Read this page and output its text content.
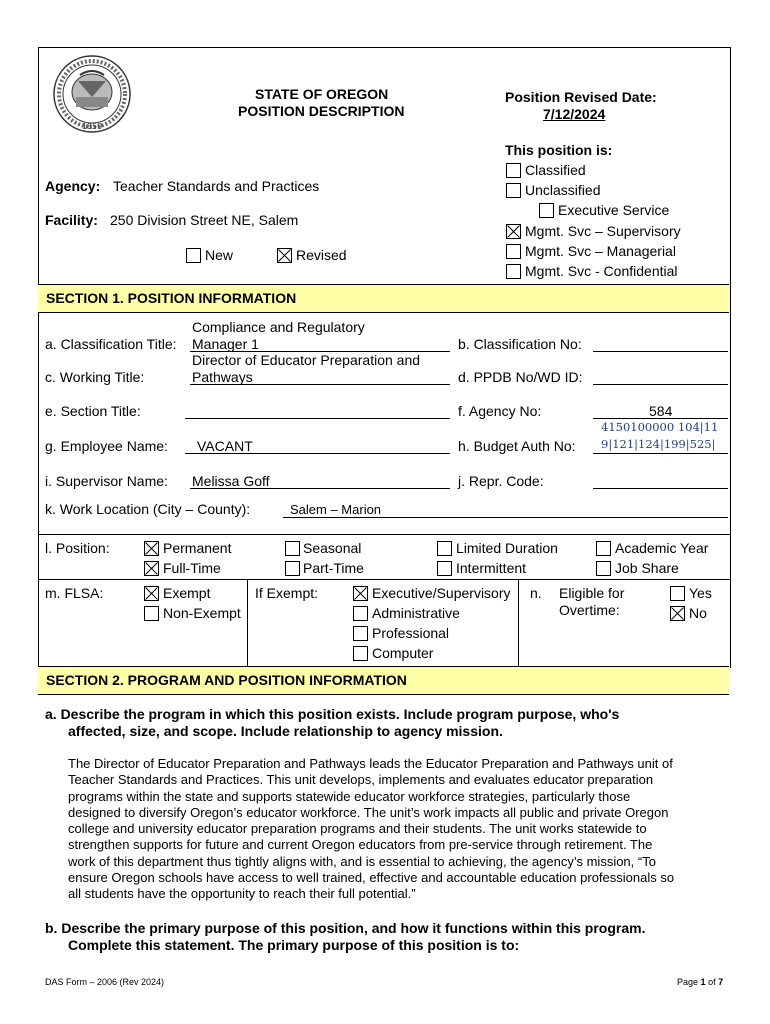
1859
STATE OF OREGON
POSITION DESCRIPTION
Position Revised Date:
7/12/2024
This position is:
Classified
Unclassified
Executive Service
Mgmt. Svc – Supervisory
Mgmt. Svc – Managerial
Mgmt. Svc - Confidential
Agency: Teacher Standards and Practices
Facility: 250 Division Street NE, Salem
New	Revised
SECTION 1. POSITION INFORMATION
a. Classification Title:
Compliance and Regulatory
Manager 1	b. Classification No:
c. Working Title:
Director of Educator Preparation and
Pathways	d. PPDB No/WD ID:
e. Section Title:	f. Agency No:	584
g. Employee Name: VACANT	h. Budget Auth No:
4150100000 104|11
9|121|124|199|525|
i. Supervisor Name: Melissa Goff	j. Repr. Code:
k. Work Location (City – County):	Salem – Marion
l. Position:	Permanent	Seasonal	Limited Duration	Academic Year
Full-Time	Part-Time	Intermittent	Job Share
m. FLSA:	Exempt
Non-Exempt
If Exempt:	Executive/Supervisory
Administrative
Professional
Computer
n. Eligible for
Overtime:
Yes
No
SECTION 2. PROGRAM AND POSITION INFORMATION
a. Describe the program in which this position exists. Include program purpose, who's
affected, size, and scope. Include relationship to agency mission.
The Director of Educator Preparation and Pathways leads the Educator Preparation and Pathways unit of
Teacher Standards and Practices. This unit develops, implements and evaluates educator preparation
programs within the state and supports statewide educator workforce strategies, particularly those
designed to diversify Oregon’s educator workforce. The unit’s work impacts all public and private Oregon
college and university educator preparation programs and their students. The unit works statewide to
strengthen supports for future and current Oregon educators from pre-service through retirement. The
work of this department thus tightly aligns with, and is essential to achieving, the agency’s mission, “To
ensure Oregon schools have access to well trained, effective and accountable education professionals so
all students have the opportunity to reach their full potential.”
b. Describe the primary purpose of this position, and how it functions within this program.
Complete this statement. The primary purpose of this position is to:
DAS Form – 2006 (Rev 2024)	Page 1 of 7
